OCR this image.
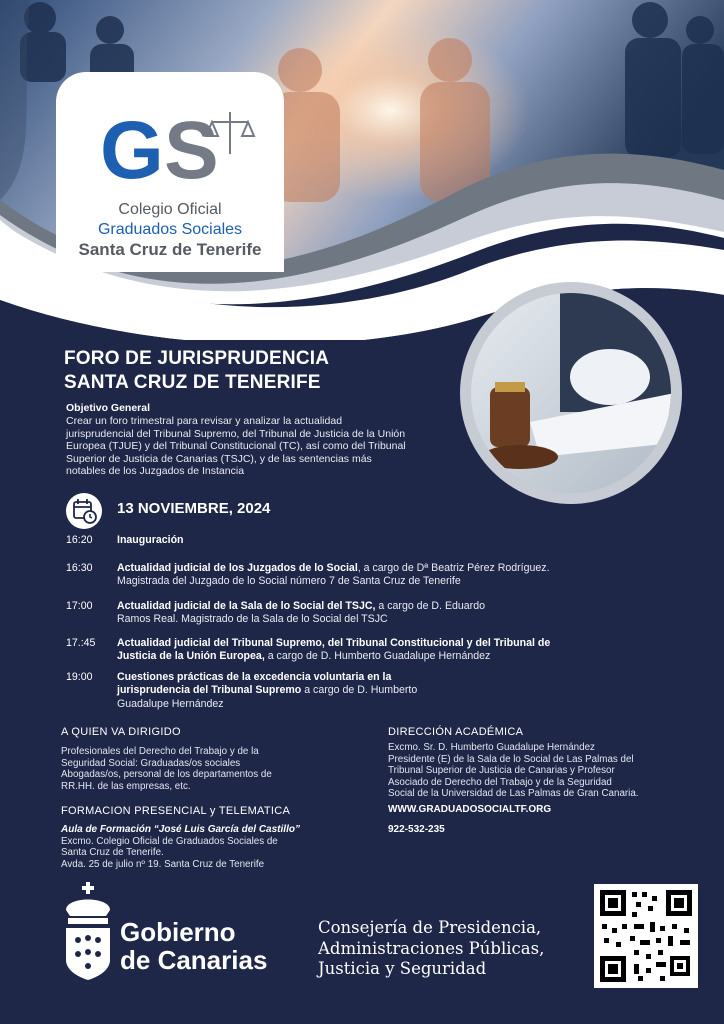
G S
Colegio Oficial
Graduados Sociales
Santa Cruz de Tenerife
FORO DE JURISPRUDENCIA
SANTA CRUZ DE TENERIFE
Objetivo General
Crear un foro trimestral para revisar y analizar la actualidad
jurisprudencial del Tribunal Supremo, del Tribunal de Justicia de la Unión
Europea (TJUE) y del Tribunal Constitucional (TC), así como del Tribunal
Superior de Justicia de Canarias (TSJC), y de las sentencias más
notables de los Juzgados de Instancia
13 NOVIEMBRE, 2024
16:20	Inauguración
16:30	Actualidad judicial de los Juzgados de lo Social, a cargo de Dª Beatriz Pérez Rodríguez.
Magistrada del Juzgado de lo Social número 7 de Santa Cruz de Tenerife
17:00	Actualidad judicial de la Sala de lo Social del TSJC, a cargo de D. Eduardo
Ramos Real. Magistrado de la Sala de lo Social del TSJC
17.:45	Actualidad judicial del Tribunal Supremo, del Tribunal Constitucional y del Tribunal de
Justicia de la Unión Europea, a cargo de D. Humberto Guadalupe Hernández
19:00	Cuestiones prácticas de la excedencia voluntaria en la
jurisprudencia del Tribunal Supremo a cargo de D. Humberto
Guadalupe Hernández
A QUIEN VA DIRIGIDO
Profesionales del Derecho del Trabajo y de la
Seguridad Social: Graduadas/os sociales
Abogadas/os, personal de los departamentos de
RR.HH. de las empresas, etc.
FORMACION PRESENCIAL y TELEMATICA
Aula de Formación “José Luis García del Castillo”
Excmo. Colegio Oficial de Graduados Sociales de
Santa Cruz de Tenerife.
Avda. 25 de julio nº 19. Santa Cruz de Tenerife
DIRECCIÓN ACADÉMICA
Excmo. Sr. D. Humberto Guadalupe Hernández
Presidente (E) de la Sala de lo Social de Las Palmas del
Tribunal Superior de Justicia de Canarias y Profesor
Asociado de Derecho del Trabajo y de la Seguridad
Social de la Universidad de Las Palmas de Gran Canaria.
WWW.GRADUADOSOCIALTF.ORG
922-532-235
Gobierno
de Canarias
Consejería de Presidencia,
Administraciones Públicas,
Justicia y Seguridad
